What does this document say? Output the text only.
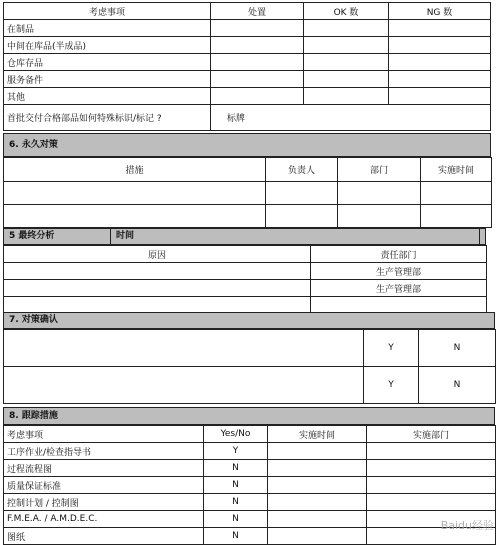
考虑事项	处置	OK 数	NG 数
在制品			
中间在库品(半成品)			
仓库存品			
服务备件			
其他			
首批交付合格部品如何特殊标识/标记 ?	标牌		
6. 永久对策
措施	负责人	部门	实施时间

5 最终分析	时间
原因	责任部门
	生产管理部
	生产管理部

7. 对策确认
	Y	N
	Y	N
8. 跟踪措施
考虑事项	Yes/No	实施时间	实施部门
工序作业/检查指导书	Y		
过程流程图	N		
质量保证标准	N		
控制计划 / 控制图	N		
F.M.E.A. / A.M.D.E.C.	N		
图纸	N		
Baidu经验
